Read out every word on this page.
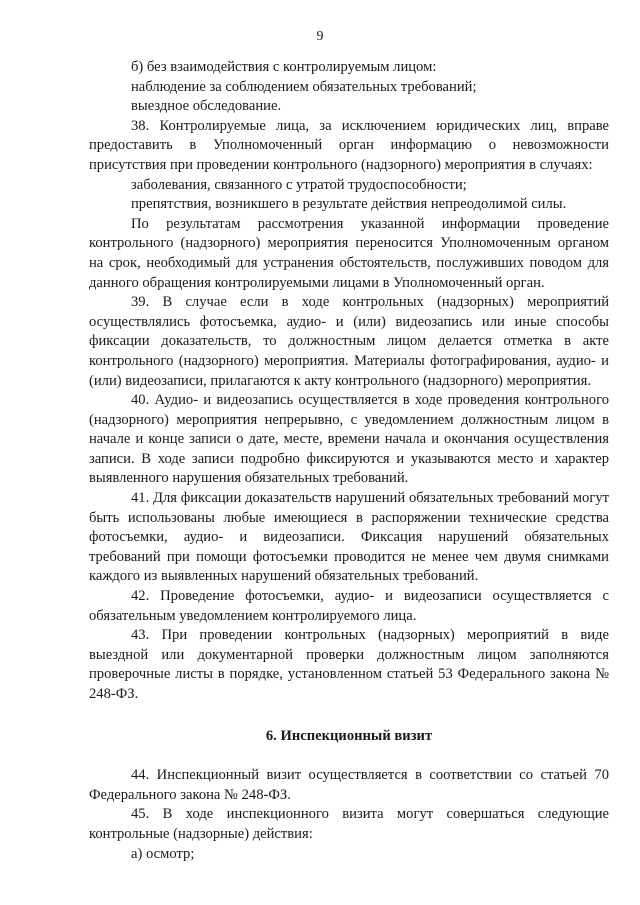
9

б) без взаимодействия с контролируемым лицом:

наблюдение за соблюдением обязательных требований;

выездное обследование.

38. Контролируемые лица, за исключением юридических лиц, вправе предоставить в Уполномоченный орган информацию о невозможности присутствия при проведении контрольного (надзорного) мероприятия в случаях:

заболевания, связанного с утратой трудоспособности;

препятствия, возникшего в результате действия непреодолимой силы.

По результатам рассмотрения указанной информации проведение контрольного (надзорного) мероприятия переносится Уполномоченным органом на срок, необходимый для устранения обстоятельств, послуживших поводом для данного обращения контролируемыми лицами в Уполномоченный орган.

39. В случае если в ходе контрольных (надзорных) мероприятий осуществлялись фотосъемка, аудио- и (или) видеозапись или иные способы фиксации доказательств, то должностным лицом делается отметка в акте контрольного (надзорного) мероприятия. Материалы фотографирования, аудио- и (или) видеозаписи, прилагаются к акту контрольного (надзорного) мероприятия.

40. Аудио- и видеозапись осуществляется в ходе проведения контрольного (надзорного) мероприятия непрерывно, с уведомлением должностным лицом в начале и конце записи о дате, месте, времени начала и окончания осуществления записи. В ходе записи подробно фиксируются и указываются место и характер выявленного нарушения обязательных требований.

41. Для фиксации доказательств нарушений обязательных требований могут быть использованы любые имеющиеся в распоряжении технические средства фотосъемки, аудио- и видеозаписи. Фиксация нарушений обязательных требований при помощи фотосъемки проводится не менее чем двумя снимками каждого из выявленных нарушений обязательных требований.

42. Проведение фотосъемки, аудио- и видеозаписи осуществляется с обязательным уведомлением контролируемого лица.

43. При проведении контрольных (надзорных) мероприятий в виде выездной или документарной проверки должностным лицом заполняются проверочные листы в порядке, установленном статьей 53 Федерального закона № 248-ФЗ.

6. Инспекционный визит

44. Инспекционный визит осуществляется в соответствии со статьей 70 Федерального закона № 248-ФЗ.

45. В ходе инспекционного визита могут совершаться следующие контрольные (надзорные) действия:

а) осмотр;
